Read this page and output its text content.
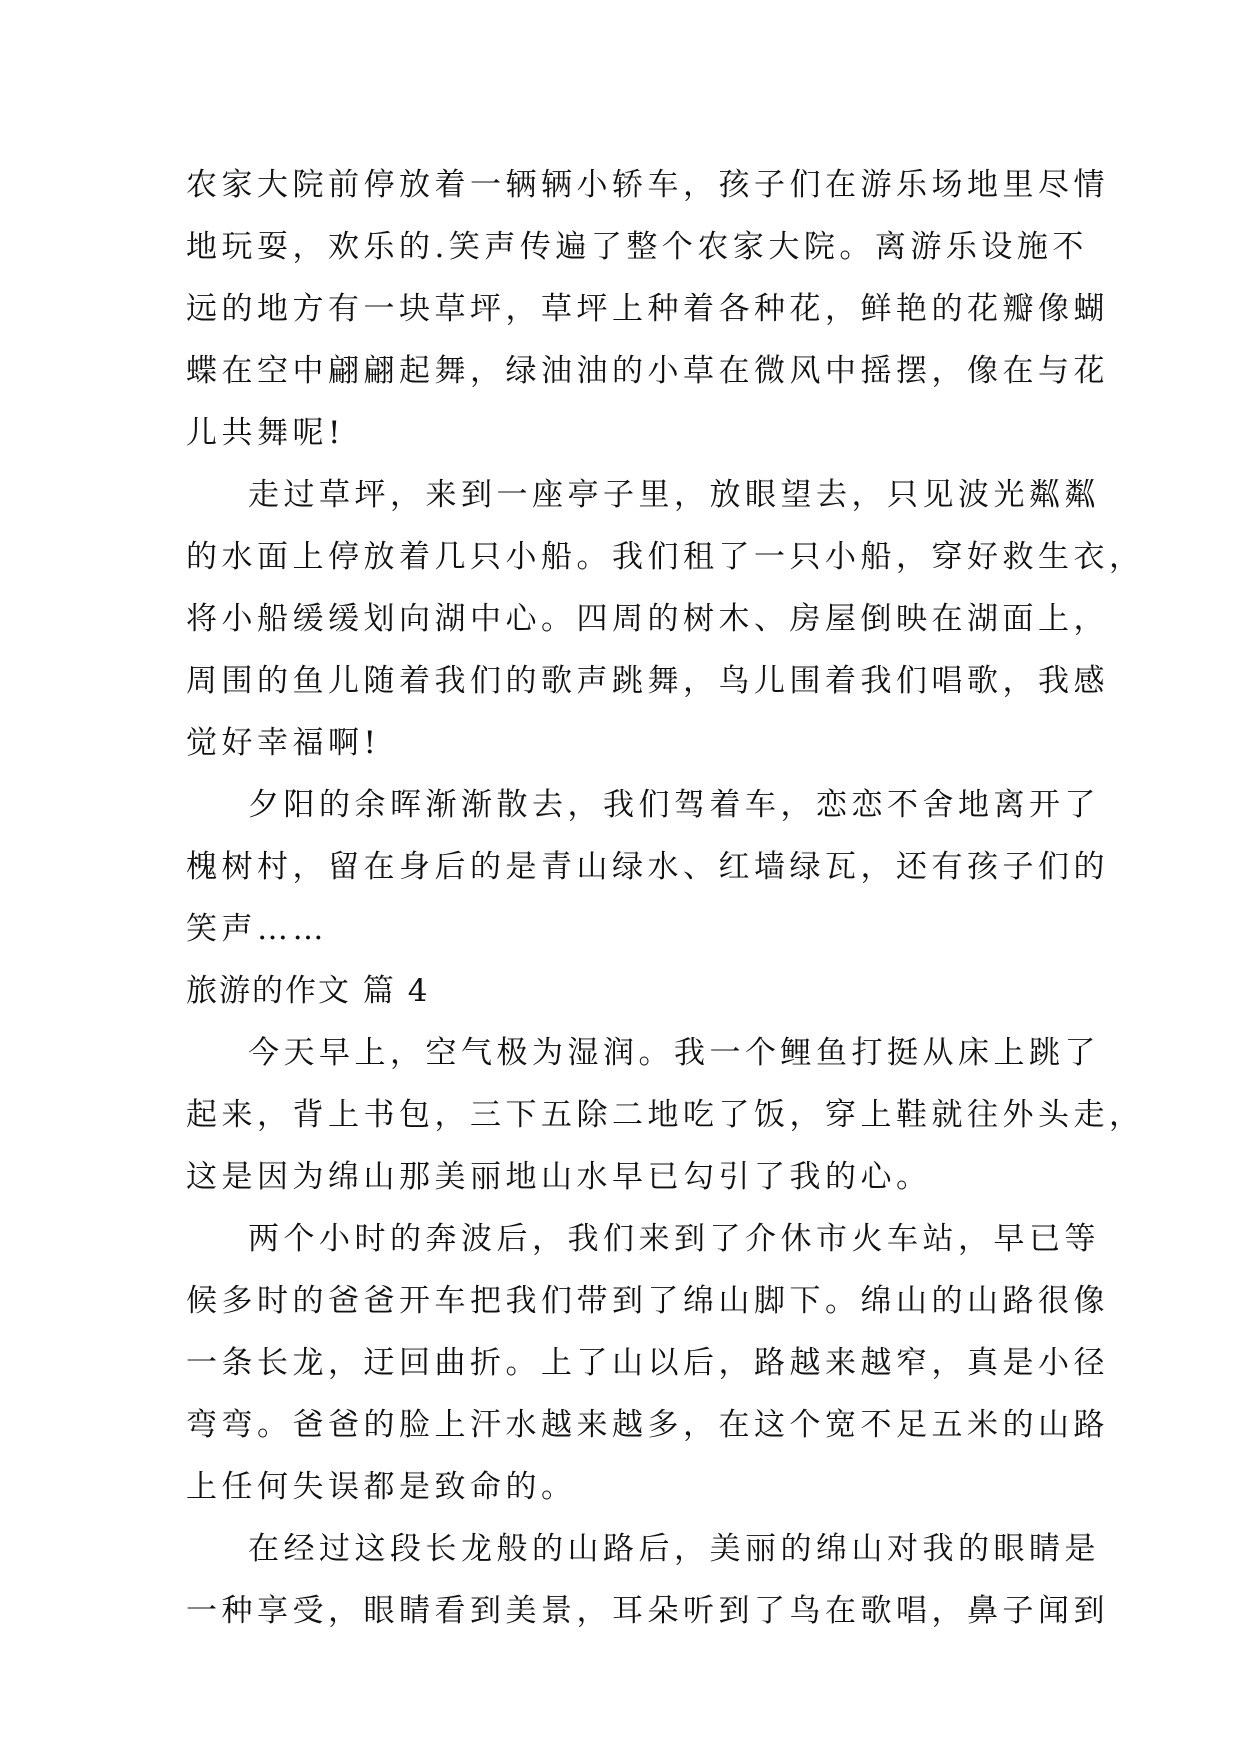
农家大院前停放着一辆辆小轿车，孩子们在游乐场地里尽情
地玩耍，欢乐的.笑声传遍了整个农家大院。离游乐设施不
远的地方有一块草坪，草坪上种着各种花，鲜艳的花瓣像蝴
蝶在空中翩翩起舞，绿油油的小草在微风中摇摆，像在与花
儿共舞呢!

走过草坪，来到一座亭子里，放眼望去，只见波光粼粼
的水面上停放着几只小船。我们租了一只小船，穿好救生衣，
将小船缓缓划向湖中心。四周的树木、房屋倒映在湖面上，
周围的鱼儿随着我们的歌声跳舞，鸟儿围着我们唱歌，我感
觉好幸福啊!

夕阳的余晖渐渐散去，我们驾着车，恋恋不舍地离开了
槐树村，留在身后的是青山绿水、红墙绿瓦，还有孩子们的
笑声……

旅游的作文 篇 4

今天早上，空气极为湿润。我一个鲤鱼打挺从床上跳了
起来，背上书包，三下五除二地吃了饭，穿上鞋就往外头走，
这是因为绵山那美丽地山水早已勾引了我的心。

两个小时的奔波后，我们来到了介休市火车站，早已等
候多时的爸爸开车把我们带到了绵山脚下。绵山的山路很像
一条长龙，迂回曲折。上了山以后，路越来越窄，真是小径
弯弯。爸爸的脸上汗水越来越多，在这个宽不足五米的山路
上任何失误都是致命的。

在经过这段长龙般的山路后，美丽的绵山对我的眼睛是
一种享受，眼睛看到美景，耳朵听到了鸟在歌唱，鼻子闻到
